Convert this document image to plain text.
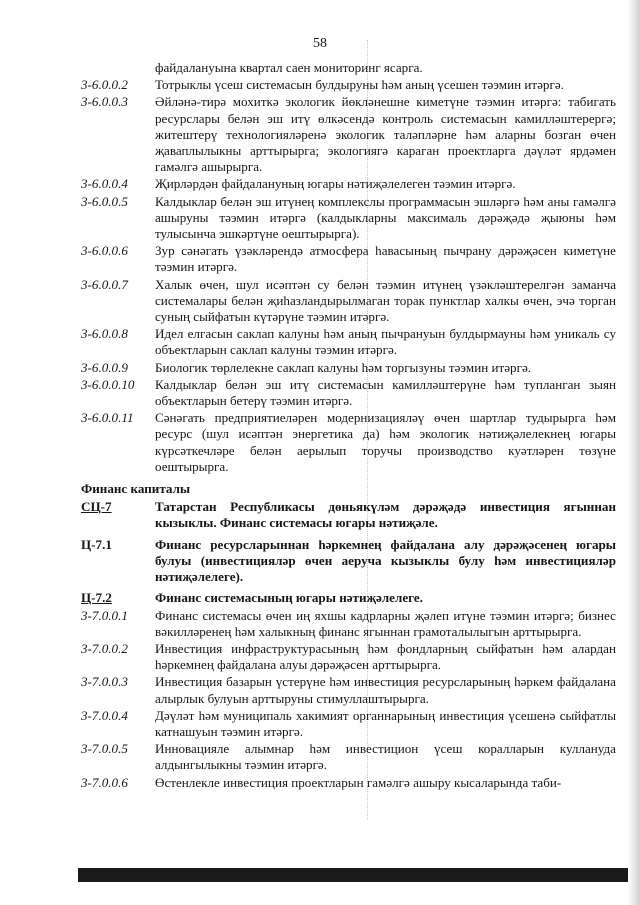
58
файдалануына квартал саен мониторинг ясарга.
3-6.0.0.2	Тотрыклы үсеш системасын булдыруны һәм аның үсешен тәэмин итәргә.
3-6.0.0.3	Әйләнә-тирә мохиткә экологик йөкләнешне киметүне тәэмин итәргә: табигать ресурслары белән эш итү өлкәсендә контроль системасын камилләштерергә; житештерү технологияләренә экологик таләпләрне һәм аларны бозган өчен җаваплылыкны арттырырга; экологиягә караган проектларга дәүләт ярдәмен гамәлгә ашырырга.
3-6.0.0.4	Җирләрдән файдалануның югары нәтиҗәлелеген тәэмин итәргә.
3-6.0.0.5	Калдыклар белән эш итүнең комплекслы программасын эшләргә һәм аны гамәлгә ашыруны тәэмин итәргә (калдыкларны максималь дәрәҗәдә җыюны һәм тулысынча эшкәртүне оештырырга).
3-6.0.0.6	Зур сәнәгать үзәкләрендә атмосфера һавасының пычрану дәрәҗәсен киметүне тәэмин итәргә.
3-6.0.0.7	Халык өчен, шул исәптән су белән тәэмин итүнең үзәкләштерелгән заманча системалары белән җиһазландырылмаган торак пунктлар халкы өчен, эчә торган суның сыйфатын күтәрүне тәэмин итәргә.
3-6.0.0.8	Идел елгасын саклап калуны һәм аның пычрануын булдырмауны һәм уникаль су объектларын саклап калуны тәэмин итәргә.
3-6.0.0.9	Биологик төрлелекне саклап калуны һәм торгызуны тәэмин итәргә.
3-6.0.0.10	Калдыклар белән эш итү системасын камилләштерүне һәм тупланган зыян объектларын бетерү тәэмин итәргә.
3-6.0.0.11	Сәнәгать предприятиеләрен модернизацияләү өчен шартлар тудырырга һәм ресурс (шул исәптән энергетика да) һәм экологик нәтиҗәлелекнең югары күрсәткечләре белән аерылып торучы производство куәтләрен төзүне оештырырга.
Финанс капиталы
СЦ-7	Татарстан Республикасы дөньякүләм дәрәҗәдә инвестиция ягыннан кызыклы. Финанс системасы югары нәтиҗәле.
Ц-7.1	Финанс ресурсларыннан һәркемнең файдалана алу дәрәҗәсенең югары булуы (инвестицияләр өчен аеруча кызыклы булу һәм инвестицияләр нәтиҗәлелеге).
Ц-7.2	Финанс системасының югары нәтиҗәлелеге.
3-7.0.0.1	Финанс системасы өчен иң яхшы кадрларны җәлеп итүне тәэмин итәргә; бизнес вәкилләренең һәм халыкның финанс ягыннан грамоталылыгын арттырырга.
3-7.0.0.2	Инвестиция инфраструктурасының һәм фондларның сыйфатын һәм алардан һәркемнең файдалана алуы дәрәҗәсен арттырырга.
3-7.0.0.3	Инвестиция базарын үстерүне һәм инвестиция ресурсларының һәркем файдалана алырлык булуын арттыруны стимуллаштырырга.
3-7.0.0.4	Дәүләт һәм муниципаль хакимият органнарының инвестиция үсешенә сыйфатлы катнашуын тәэмин итәргә.
3-7.0.0.5	Инновацияле алымнар һәм инвестицион үсеш коралларын куллануда алдынгылыкны тәэмин итәргә.
3-7.0.0.6	Өстенлекле инвестиция проектларын гамәлгә ашыру кысаларында таби-
